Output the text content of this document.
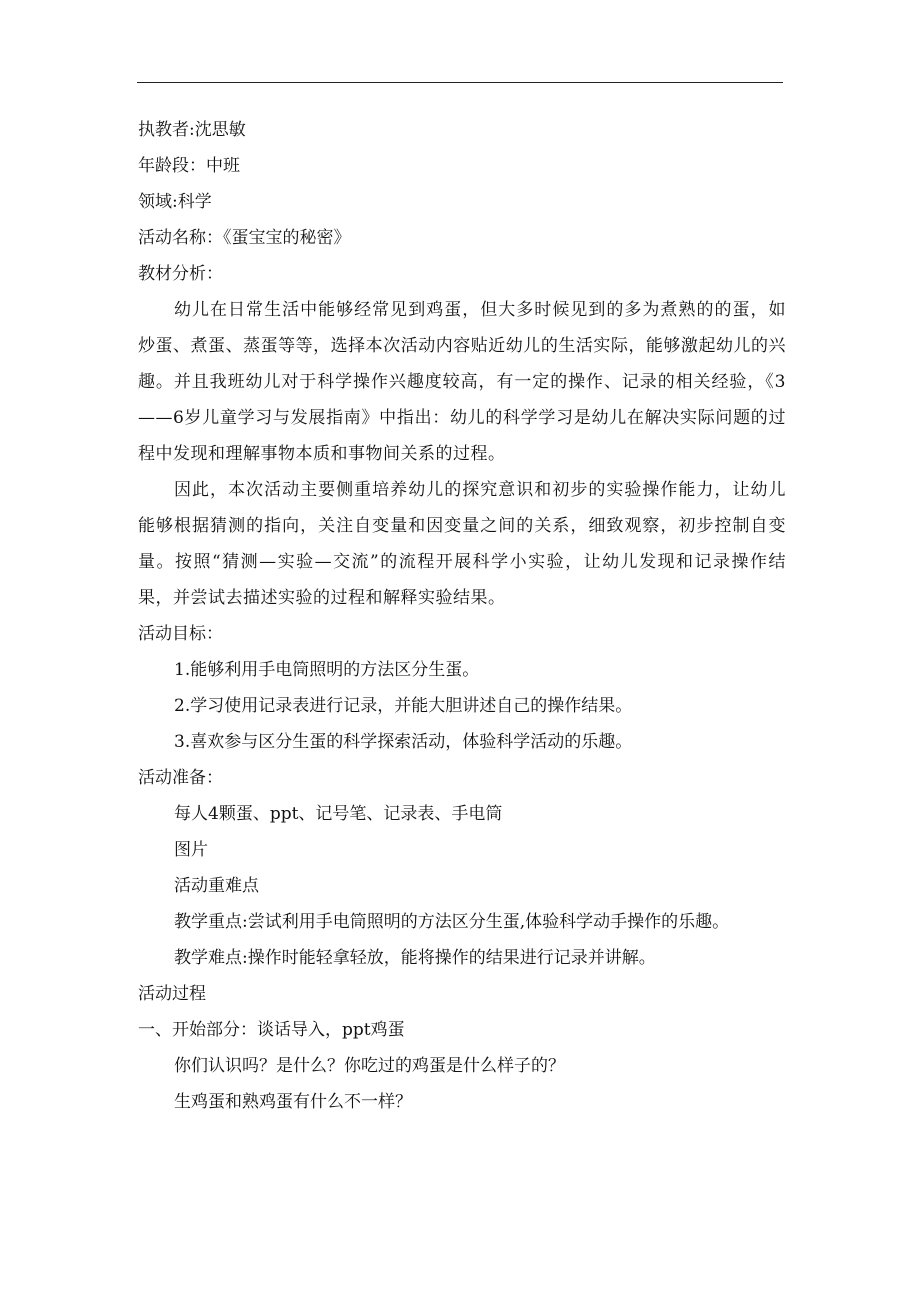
执教者:沈思敏

年龄段：中班

领域:科学

活动名称：《蛋宝宝的秘密》

教材分析：

幼儿在日常生活中能够经常见到鸡蛋，但大多时候见到的多为煮熟的的蛋，如炒蛋、煮蛋、蒸蛋等等，选择本次活动内容贴近幼儿的生活实际，能够激起幼儿的兴趣。并且我班幼儿对于科学操作兴趣度较高，有一定的操作、记录的相关经验，《3——6岁儿童学习与发展指南》中指出：幼儿的科学学习是幼儿在解决实际问题的过程中发现和理解事物本质和事物间关系的过程。

因此，本次活动主要侧重培养幼儿的探究意识和初步的实验操作能力，让幼儿能够根据猜测的指向，关注自变量和因变量之间的关系，细致观察，初步控制自变量。按照“猜测—实验—交流”的流程开展科学小实验，让幼儿发现和记录操作结果，并尝试去描述实验的过程和解释实验结果。

活动目标：

1.能够利用手电筒照明的方法区分生蛋。

2.学习使用记录表进行记录，并能大胆讲述自己的操作结果。

3.喜欢参与区分生蛋的科学探索活动，体验科学活动的乐趣。

活动准备：

每人4颗蛋、ppt、记号笔、记录表、手电筒

图片

活动重难点

教学重点:尝试利用手电筒照明的方法区分生蛋,体验科学动手操作的乐趣。

教学难点:操作时能轻拿轻放，能将操作的结果进行记录并讲解。

活动过程

一、开始部分：谈话导入，ppt鸡蛋

你们认识吗？是什么？你吃过的鸡蛋是什么样子的？

生鸡蛋和熟鸡蛋有什么不一样？
